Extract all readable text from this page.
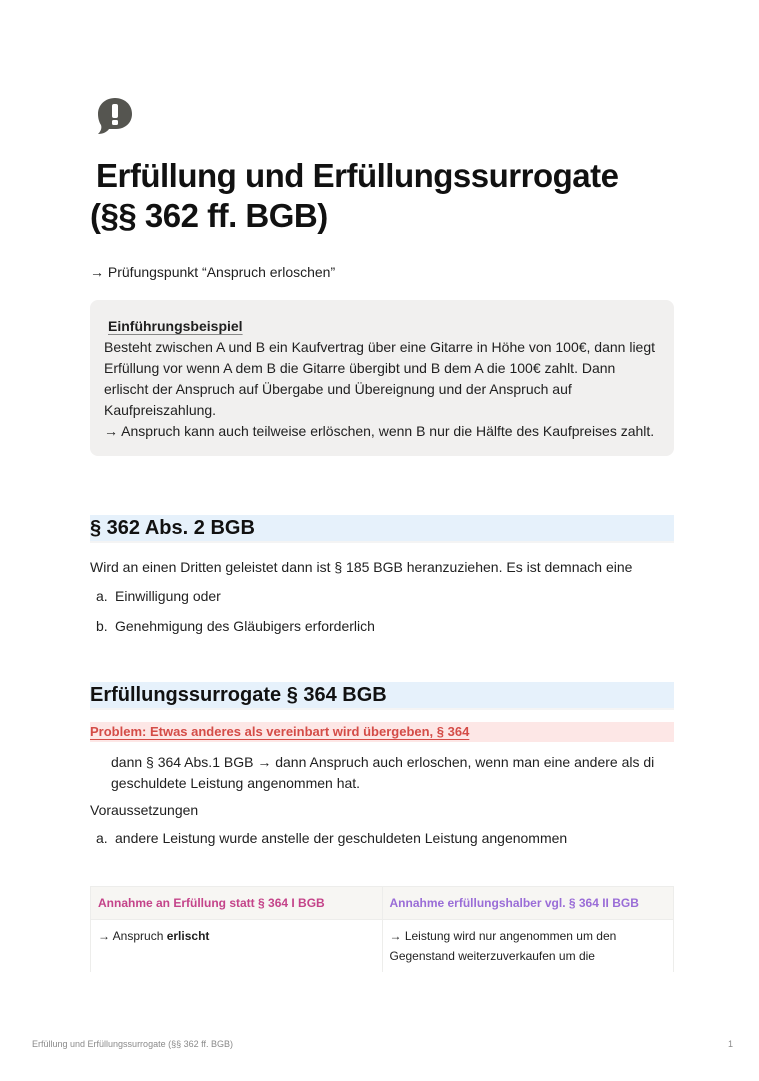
Erfüllung und Erfüllungssurrogate
(§§ 362 ff. BGB)

→ Prüfungspunkt “Anspruch erloschen”

Einführungsbeispiel
Besteht zwischen A und B ein Kaufvertrag über eine Gitarre in Höhe von 100€, dann liegt Erfüllung vor wenn A dem B die Gitarre übergibt und B dem A die 100€ zahlt. Dann erlischt der Anspruch auf Übergabe und Übereignung und der Anspruch auf Kaufpreiszahlung.
→ Anspruch kann auch teilweise erlöschen, wenn B nur die Hälfte des Kaufpreises zahlt.
§ 362 Abs. 2 BGB

Wird an einen Dritten geleistet dann ist § 185 BGB heranzuziehen. Es ist demnach eine

a. Einwilligung oder
b. Genehmigung des Gläubigers erforderlich
Erfüllungssurrogate § 364 BGB
Problem: Etwas anderes als vereinbart wird übergeben, § 364

dann § 364 Abs.1 BGB → dann Anspruch auch erloschen, wenn man eine andere als di geschuldete Leistung angenommen hat.

Voraussetzungen

a. andere Leistung wurde anstelle der geschuldeten Leistung angenommen
Annahme an Erfüllung statt § 364 I BGB	Annahme erfüllungshalber vgl. § 364 II BGB
→ Anspruch erlischt	→ Leistung wird nur angenommen um den Gegenstand weiterzuverkaufen um die
Erfüllung und Erfüllungssurrogate (§§ 362 ff. BGB)	1
